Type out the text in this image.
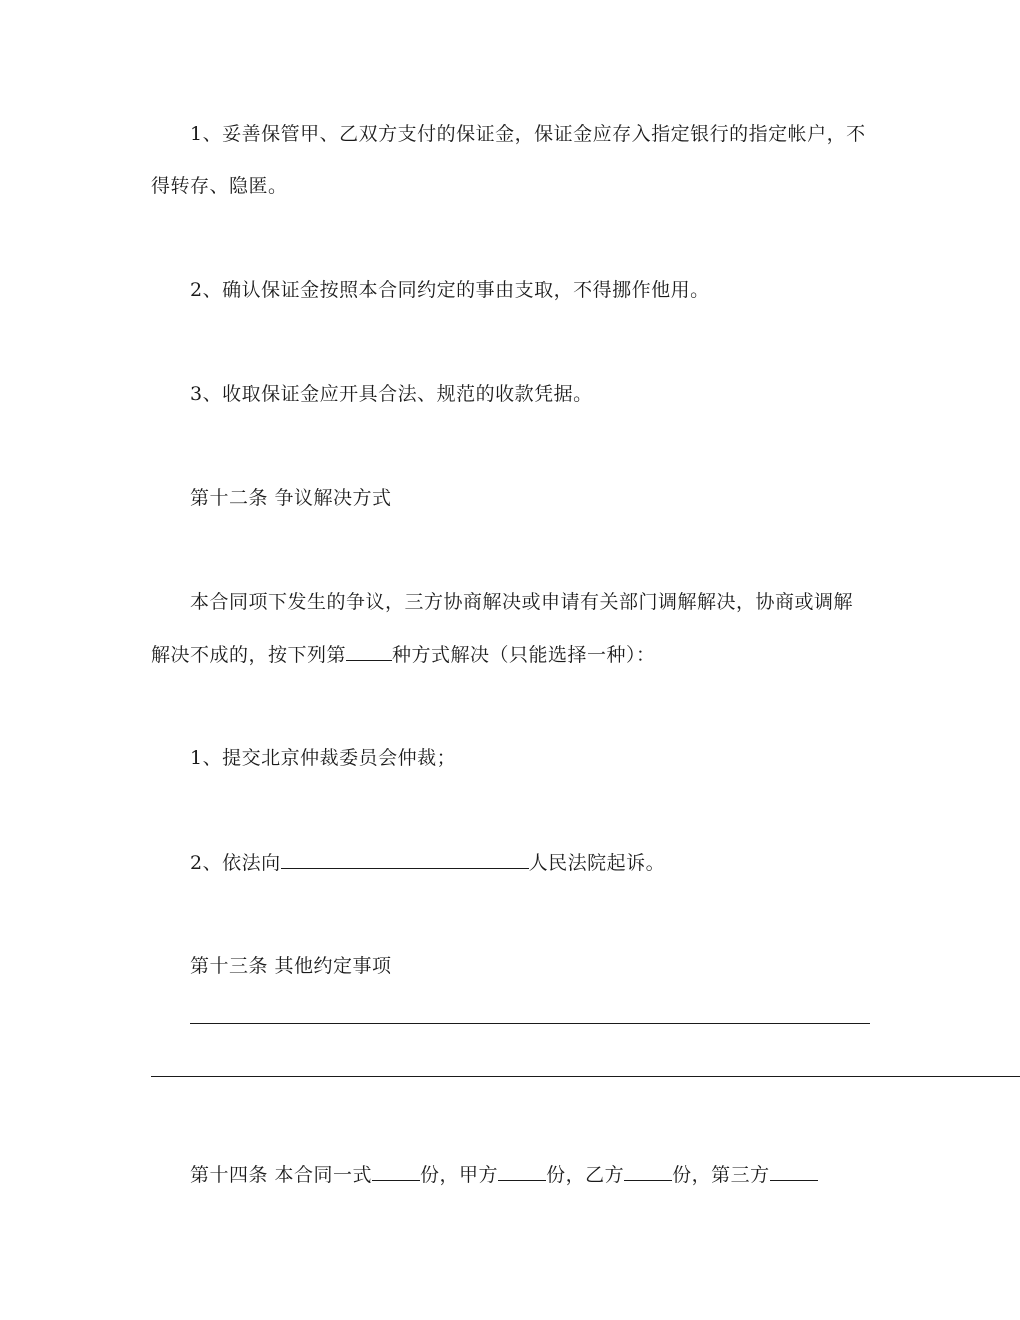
1、妥善保管甲、乙双方支付的保证金，保证金应存入指定银行的指定帐户，不
得转存、隐匿。
2、确认保证金按照本合同约定的事由支取，不得挪作他用。
3、收取保证金应开具合法、规范的收款凭据。
第十二条 争议解决方式
本合同项下发生的争议，三方协商解决或申请有关部门调解解决，协商或调解
解决不成的，按下列第 种方式解决（只能选择一种）：
1、提交北京仲裁委员会仲裁；
2、依法向	人民法院起诉。
第十三条 其他约定事项
第十四条 本合同一式	份，甲方	份，乙方	份，第三方
